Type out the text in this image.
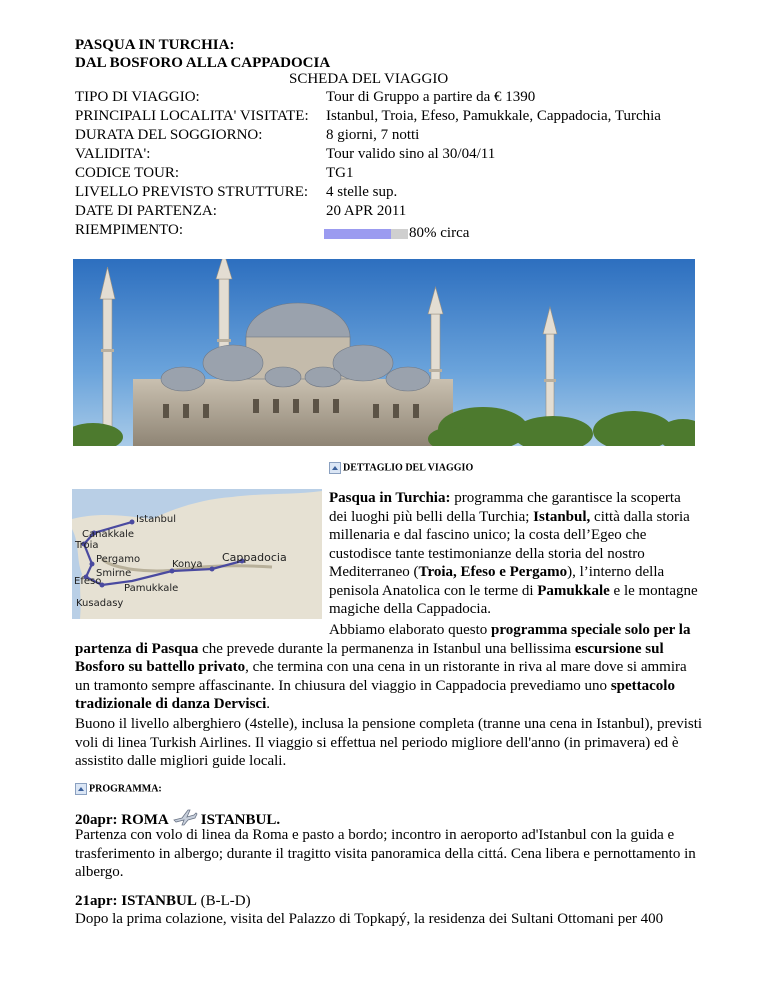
PASQUA IN TURCHIA:
DAL BOSFORO ALLA CAPPADOCIA
SCHEDA DEL VIAGGIO
TIPO DI VIAGGIO:	Tour di Gruppo a partire da € 1390
PRINCIPALI LOCALITA' VISITATE: Istanbul, Troia, Efeso, Pamukkale, Cappadocia, Turchia
DURATA DEL SOGGIORNO:	8 giorni, 7 notti
VALIDITA':	Tour valido sino al 30/04/11
CODICE TOUR:	TG1
LIVELLO PREVISTO STRUTTURE: 4 stelle sup.
DATE DI PARTENZA:	20 APR 2011
RIEMPIMENTO:	80% circa
DETTAGLIO DEL VIAGGIO
Istanbul
Canakkale
Troia
Pergamo
Smirne
Efeso
Konya
Cappadocia
Pamukkale
Kusadasy
Pasqua in Turchia: programma che garantisce la scoperta dei luoghi più belli della Turchia; Istanbul, città dalla storia millenaria e dal fascino unico; la costa dell’Egeo che custodisce tante testimonianze della storia del nostro Mediterraneo (Troia, Efeso e Pergamo), l’interno della penisola Anatolica con le terme di Pamukkale e le montagne magiche della Cappadocia.
Abbiamo elaborato questo programma speciale solo per la partenza di Pasqua che prevede durante la permanenza in Istanbul una bellissima escursione sul Bosforo su battello privato, che termina con una cena in un ristorante in riva al mare dove si ammira un tramonto sempre affascinante. In chiusura del viaggio in Cappadocia prevediamo uno spettacolo tradizionale di danza Dervisci.
Buono il livello alberghiero (4stelle), inclusa la pensione completa (tranne una cena in Istanbul), previsti voli di linea Turkish Airlines. Il viaggio si effettua nel periodo migliore dell'anno (in primavera) ed è assistito dalle migliori guide locali.
PROGRAMMA:
20apr: ROMA ISTANBUL.
Partenza con volo di linea da Roma e pasto a bordo; incontro in aeroporto ad'Istanbul con la guida e trasferimento in albergo; durante il tragitto visita panoramica della cittá. Cena libera e pernottamento in albergo.
21apr: ISTANBUL (B-L-D)
Dopo la prima colazione, visita del Palazzo di Topkapý, la residenza dei Sultani Ottomani per 400
